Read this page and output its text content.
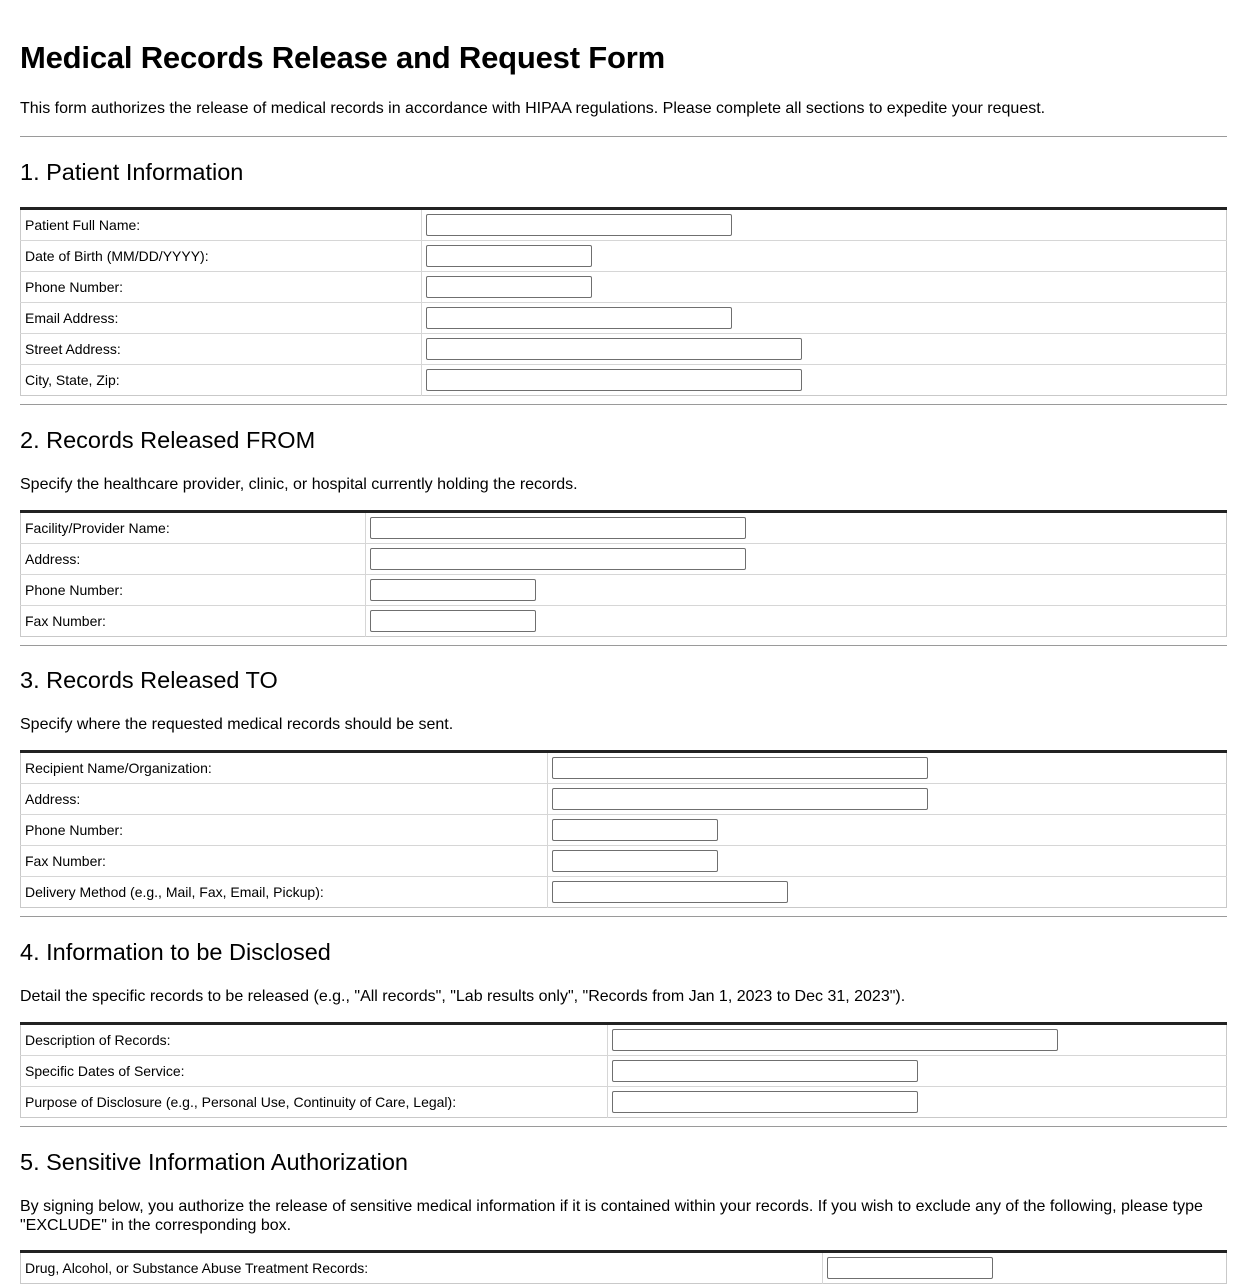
Medical Records Release and Request Form

This form authorizes the release of medical records in accordance with HIPAA regulations. Please complete all sections to expedite your request.

1. Patient Information
Patient Full Name:	

Date of Birth (MM/DD/YYYY):	

Phone Number:	

Email Address:	

Street Address:	

City, State, Zip:	
2. Records Released FROM

Specify the healthcare provider, clinic, or hospital currently holding the records.

Facility/Provider Name:	

Address:	

Phone Number:	

Fax Number:	
3. Records Released TO

Specify where the requested medical records should be sent.

Recipient Name/Organization:	

Address:	

Phone Number:	

Fax Number:	

Delivery Method (e.g., Mail, Fax, Email, Pickup):	
4. Information to be Disclosed

Detail the specific records to be released (e.g., "All records", "Lab results only", "Records from Jan 1, 2023 to Dec 31, 2023").

Description of Records:	

Specific Dates of Service:	

Purpose of Disclosure (e.g., Personal Use, Continuity of Care, Legal):	
5. Sensitive Information Authorization

By signing below, you authorize the release of sensitive medical information if it is contained within your records. If you wish to exclude any of the following, please type "EXCLUDE" in the corresponding box.

Drug, Alcohol, or Substance Abuse Treatment Records:	
